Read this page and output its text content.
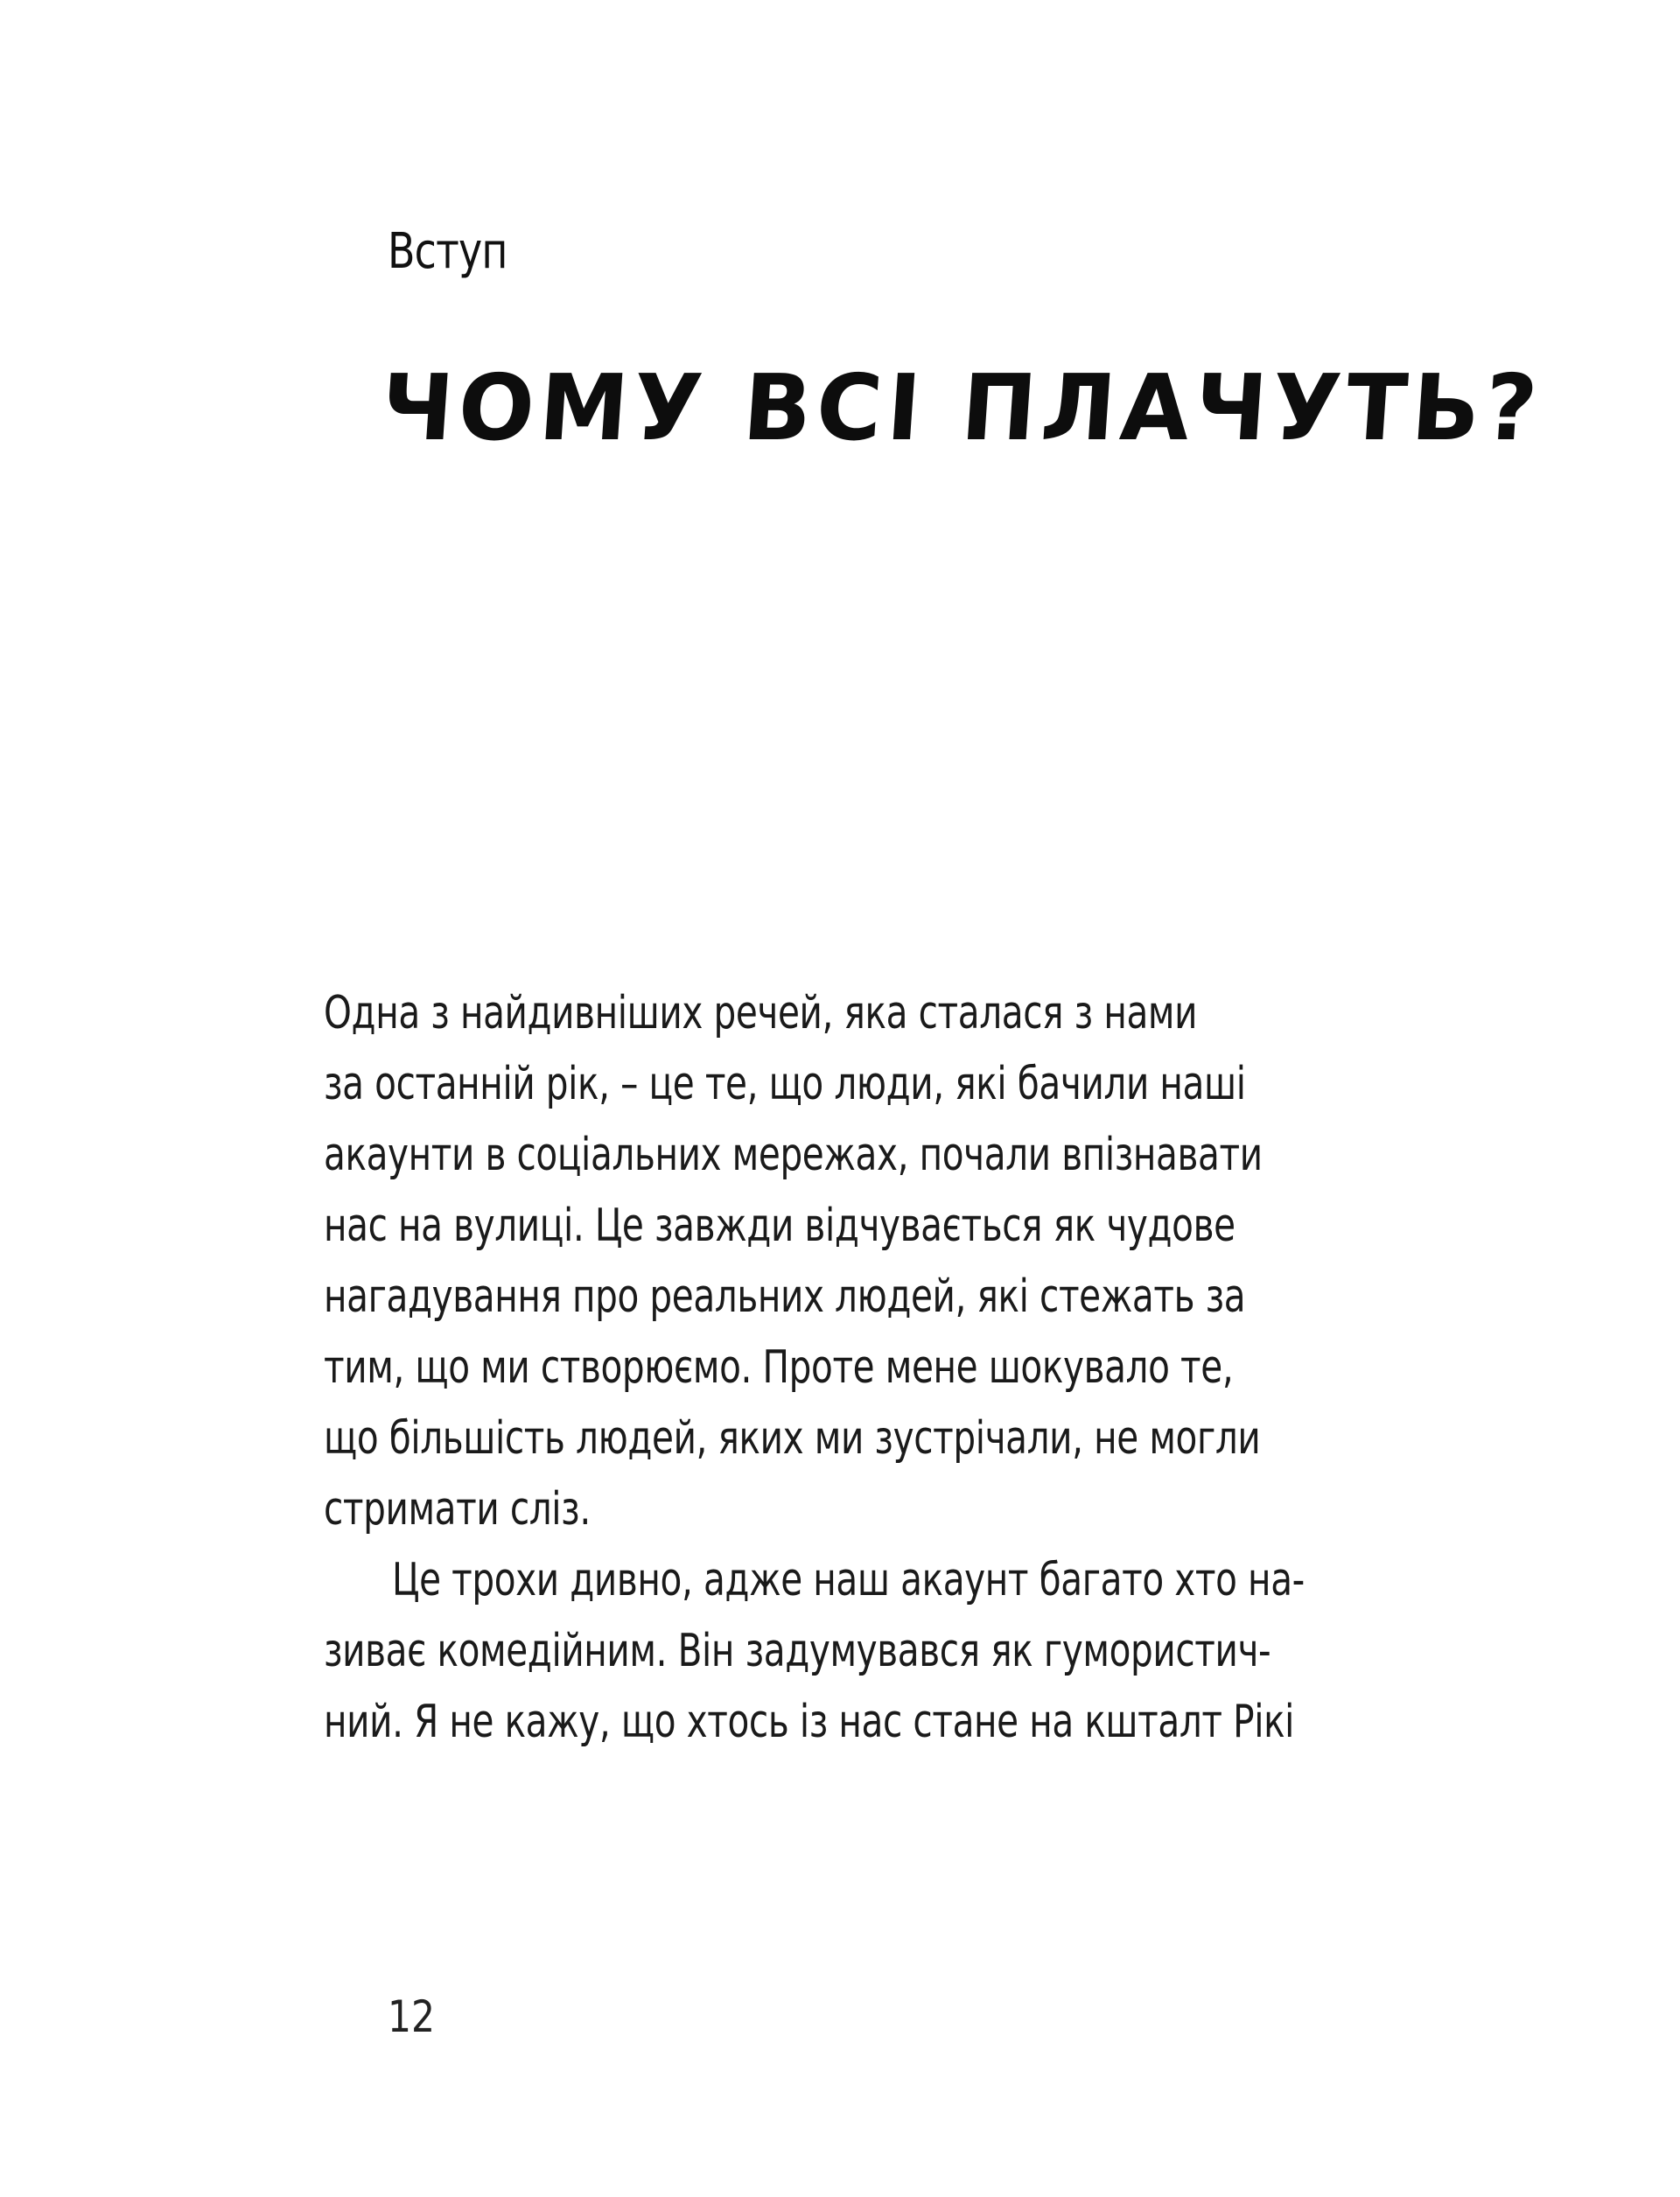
Вступ
ЧОМУ ВСІ ПЛАЧУТЬ?
Одна з найдивніших речей, яка сталася з нами
за останній рік, – це те, що люди, які бачили наші
акаунти в соціальних мережах, почали впізнавати
нас на вулиці. Це завжди відчувається як чудове
нагадування про реальних людей, які стежать за
тим, що ми створюємо. Проте мене шокувало те,
що більшість людей, яких ми зустрічали, не могли
стримати сліз.
Це трохи дивно, адже наш акаунт багато хто на-
зиває комедійним. Він задумувався як гумористич-
ний. Я не кажу, що хтось із нас стане на кшталт Рікі
12
